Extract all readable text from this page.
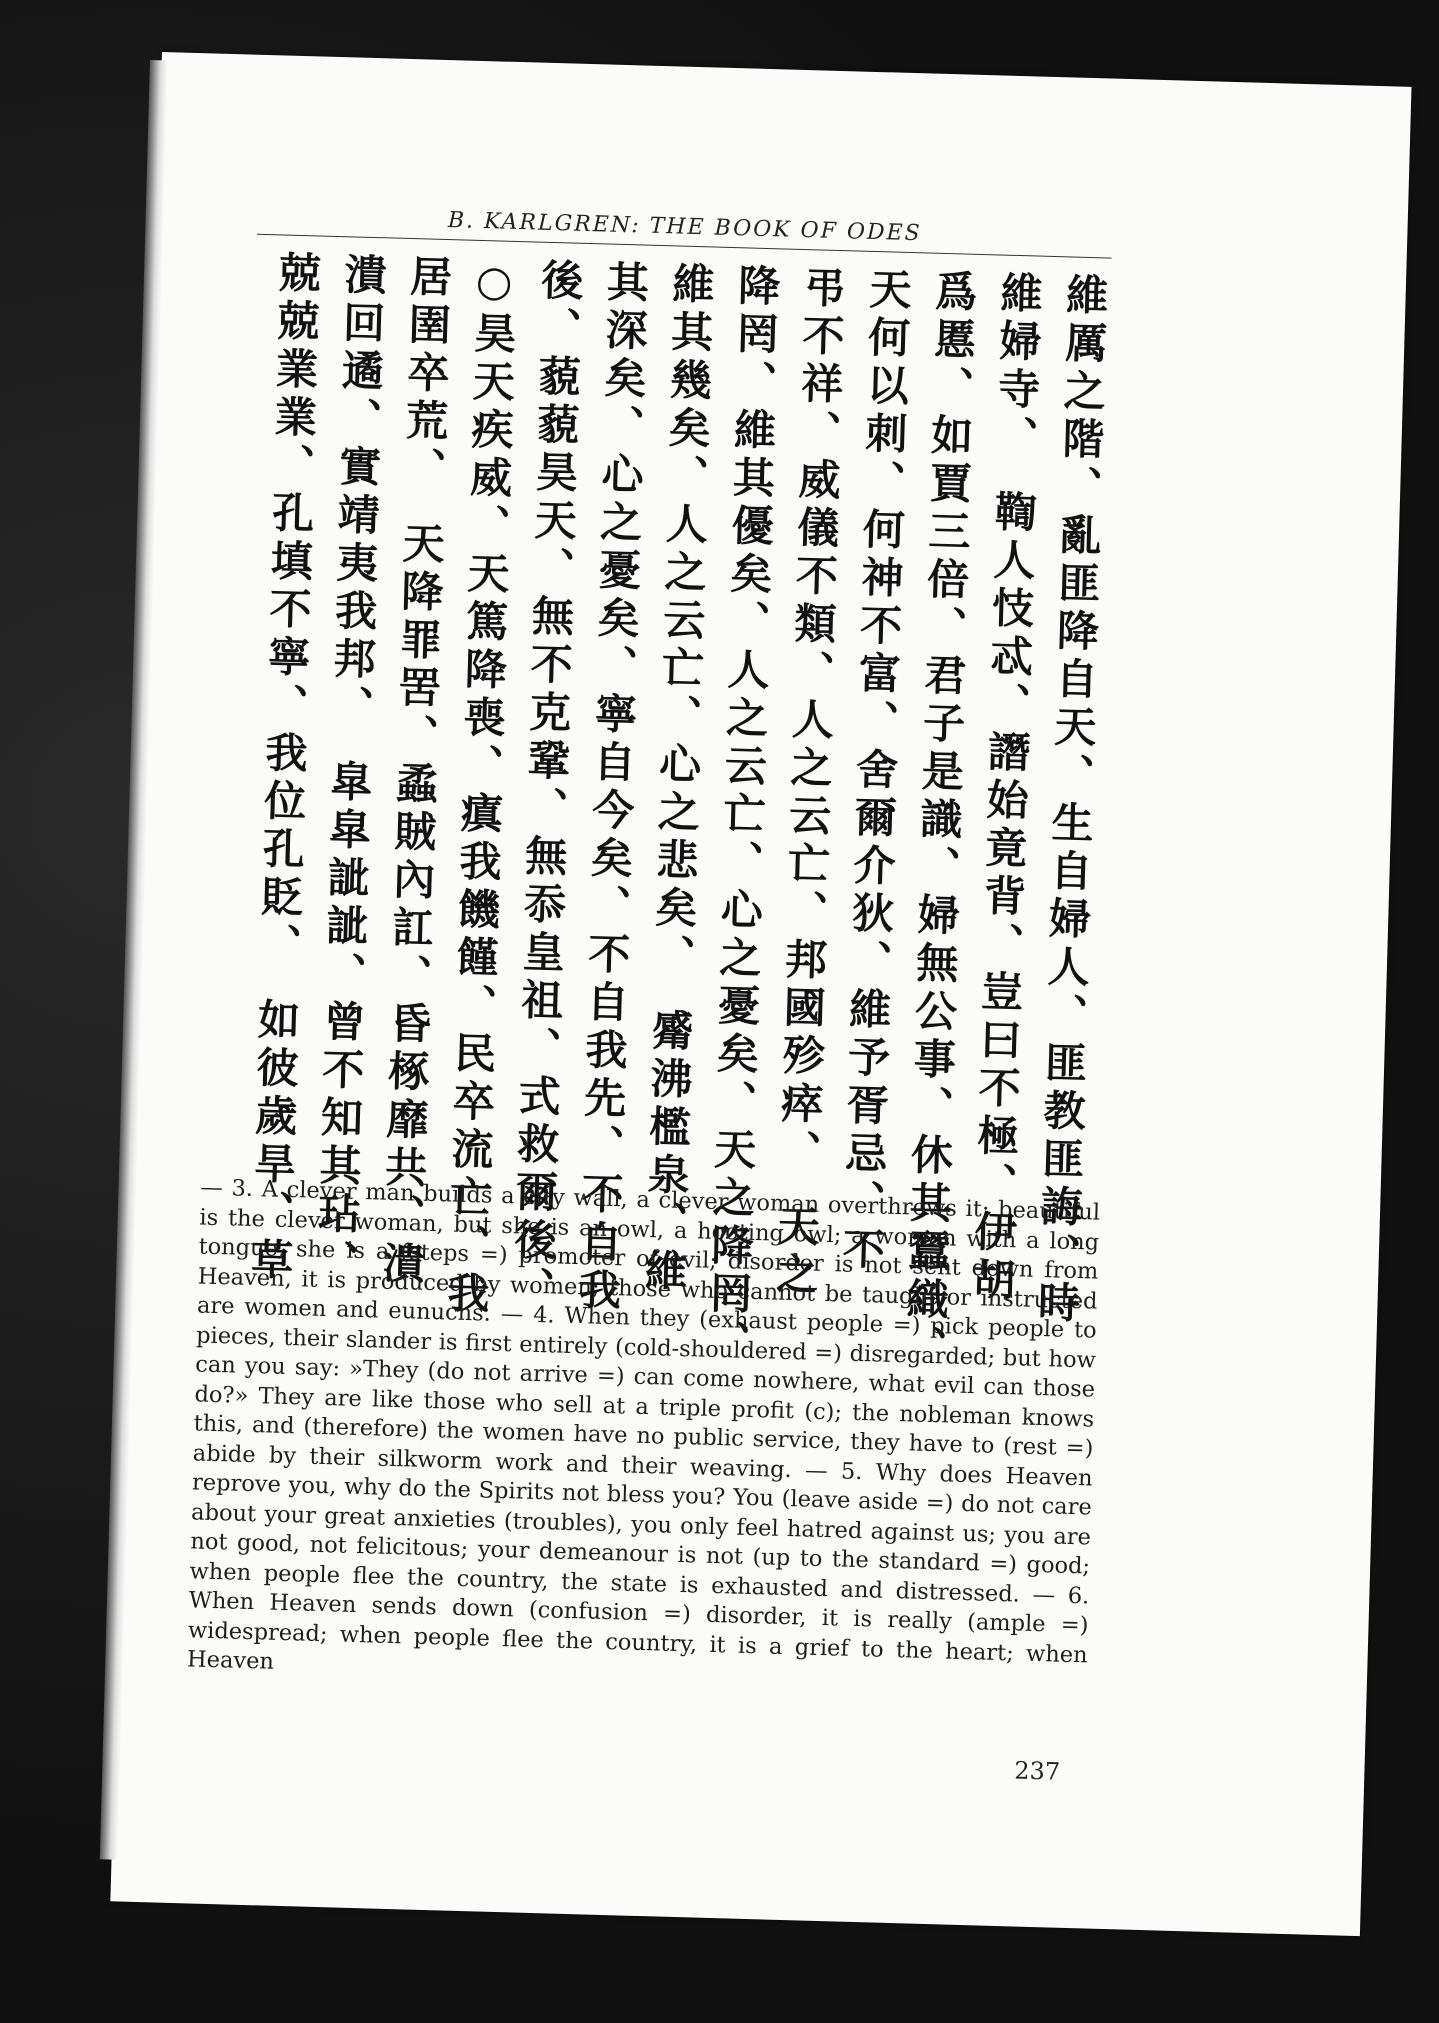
B. KARLGREN: THE BOOK OF ODES
維厲之階、亂匪降自天、生自婦人、匪教匪誨、時
維婦寺、　鞫人忮忒、譖始竟背、豈曰不極、伊胡
爲慝、如賈三倍、君子是識、婦無公事、休其蠶織、
天何以刺、何神不富、舍爾介狄、維予胥忌、不
弔不祥、威儀不類、人之云亡、邦國殄瘁、　天之
降罔、維其優矣、人之云亡、心之憂矣、天之降罔、
維其幾矣、人之云亡、心之悲矣、　觱沸檻泉、維
其深矣、心之憂矣、寧自今矣、不自我先、不自我
後、藐藐昊天、無不克鞏、無忝皇祖、式救爾後、
○昊天疾威、天篤降喪、瘨我饑饉、民卒流亡、我
居圉卒荒、　天降罪罟、蟊賊內訌、昏椓靡共、潰
潰回遹、實靖夷我邦、　皐皐訿訿、曾不知其玷、
兢兢業業、孔填不寧、我位孔貶、　如彼歲旱、草
— 3. A clever man builds a city wall, a clever woman overthrows it; beautiful is the clever woman, but she is an owl, a hooting owl; a woman with a long tongue, she is a (steps =) promoter of evil; disorder is not sent down from Heaven, it is produced by women; those who cannot be taught or instructed are women and eunuchs. — 4. When they (exhaust people =) pick people to pieces, their slander is first entirely (cold-shouldered =) disregarded; but how can you say: »They (do not arrive =) can come nowhere, what evil can those do?» They are like those who sell at a triple profit (c); the nobleman knows this, and (therefore) the women have no public service, they have to (rest =) abide by their silkworm work and their weaving. — 5. Why does Heaven reprove you, why do the Spirits not bless you? You (leave aside =) do not care about your great anxieties (troubles), you only feel hatred against us; you are not good, not felicitous; your demeanour is not (up to the standard =) good; when people flee the country, the state is exhausted and distressed. — 6. When Heaven sends down (confusion =) disorder, it is really (ample =) widespread; when people flee the country, it is a grief to the heart; when Heaven
237
